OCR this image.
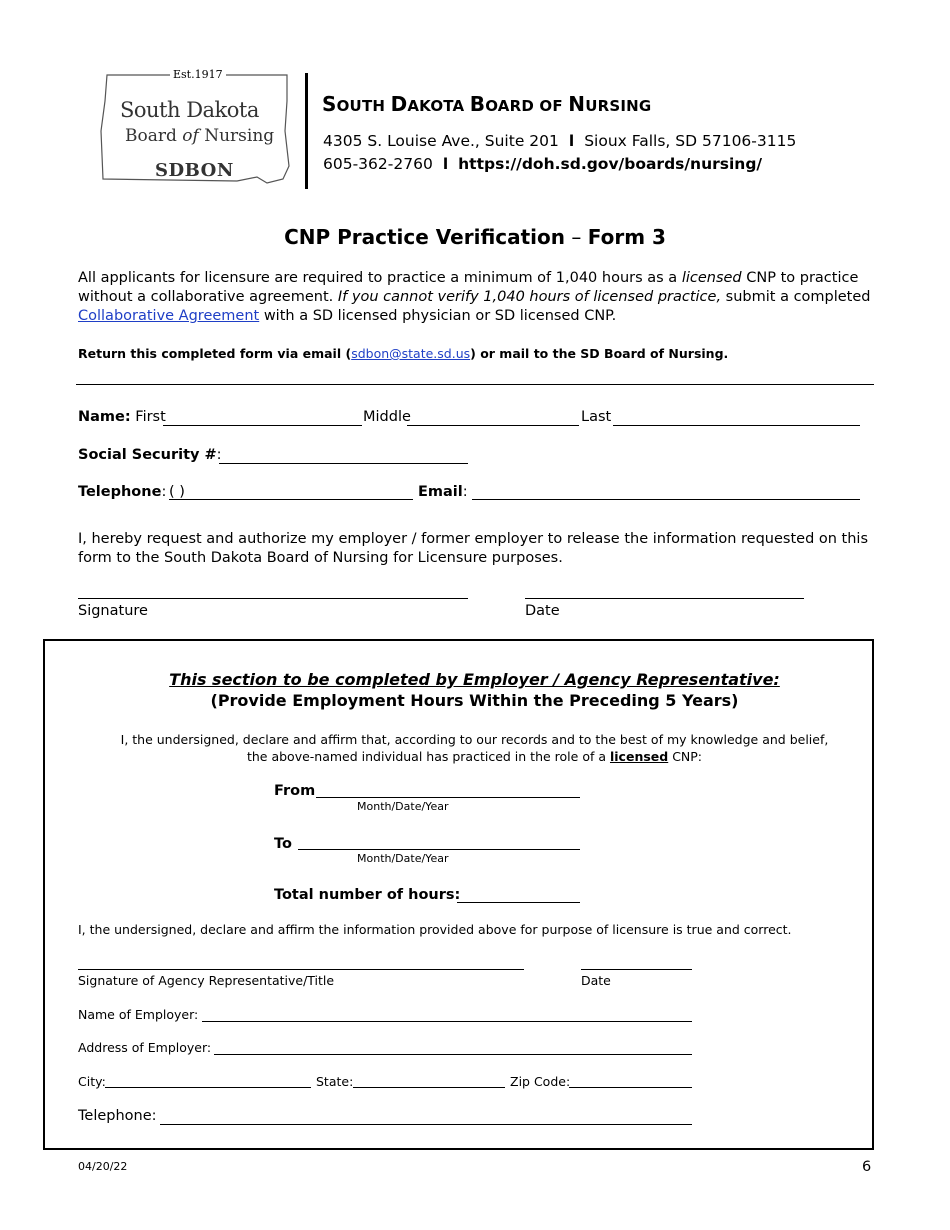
Est.1917
South Dakota
Board of Nursing
SDBON
SOUTH DAKOTA BOARD OF NURSING
4305 S. Louise Ave., Suite 201 l Sioux Falls, SD 57106-3115
605-362-2760 l https://doh.sd.gov/boards/nursing/
CNP Practice Verification – Form 3
All applicants for licensure are required to practice a minimum of 1,040 hours as a licensed CNP to practice without a collaborative agreement. If you cannot verify 1,040 hours of licensed practice, submit a completed Collaborative Agreement with a SD licensed physician or SD licensed CNP.
Return this completed form via email (sdbon@state.sd.us) or mail to the SD Board of Nursing.
Name: First	Middle	Last
Social Security #:
Telephone: ( )	Email:
I, hereby request and authorize my employer / former employer to release the information requested on this form to the South Dakota Board of Nursing for Licensure purposes.
Signature	Date
This section to be completed by Employer / Agency Representative:
(Provide Employment Hours Within the Preceding 5 Years)
I, the undersigned, declare and affirm that, according to our records and to the best of my knowledge and belief,
the above-named individual has practiced in the role of a licensed CNP:
From
Month/Date/Year
To
Month/Date/Year
Total number of hours:
I, the undersigned, declare and affirm the information provided above for purpose of licensure is true and correct.
Signature of Agency Representative/Title	Date
Name of Employer:
Address of Employer:
City:	State:	Zip Code:
Telephone:
04/20/22	6
